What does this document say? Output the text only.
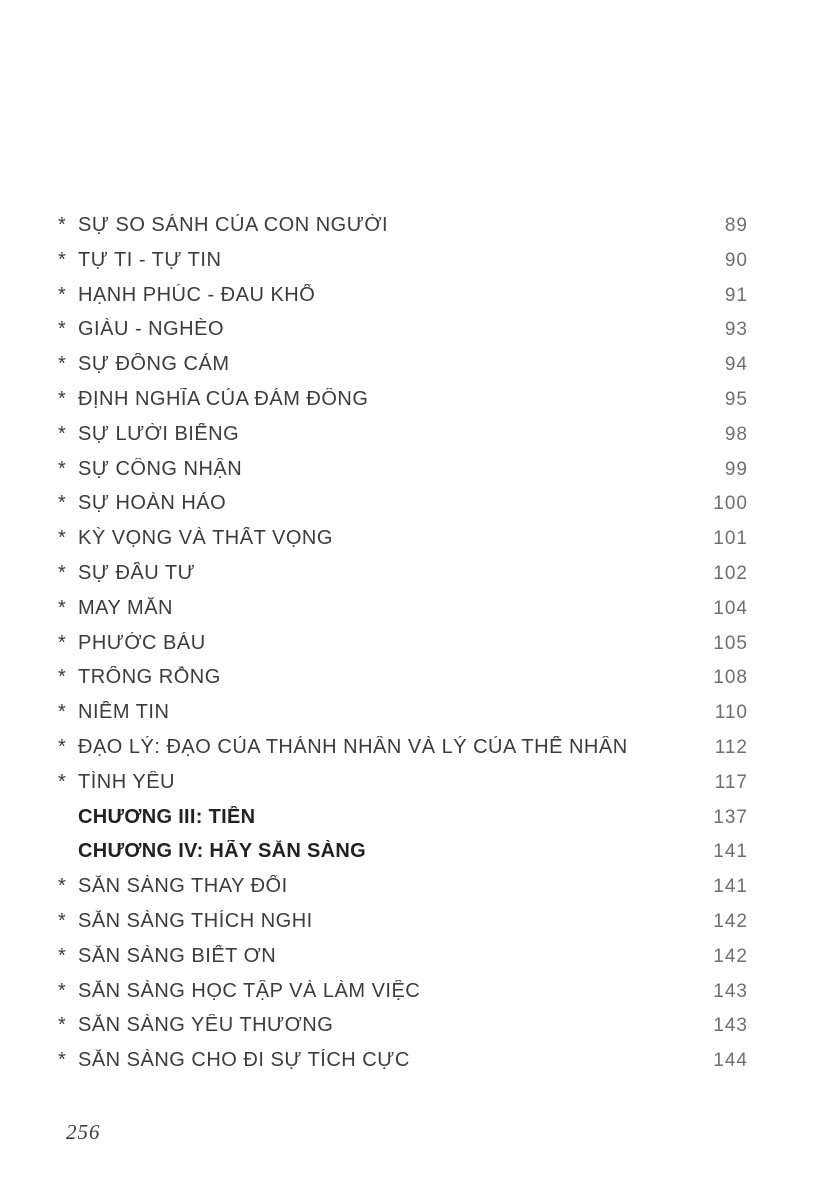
* SỰ SO SÁNH CỦA CON NGƯỜI	89
* TỰ TI - TỰ TIN	90
* HẠNH PHÚC - ĐAU KHỔ	91
* GIÀU - NGHÈO	93
* SỰ ĐỒNG CẢM	94
* ĐỊNH NGHĨA CỦA ĐÁM ĐÔNG	95
* SỰ LƯỜI BIẾNG	98
* SỰ CÔNG NHẬN	99
* SỰ HOÀN HẢO	100
* KỲ VỌNG VÀ THẤT VỌNG	101
* SỰ ĐẦU TƯ	102
* MAY MẮN	104
* PHƯỚC BÁU	105
* TRỐNG RỖNG	108
* NIỀM TIN	110
* ĐẠO LÝ: ĐẠO CỦA THÁNH NHÂN VÀ LÝ CỦA THẾ NHÂN	112
* TÌNH YÊU	117
CHƯƠNG III: TIỀN	137
CHƯƠNG IV: HÃY SẴN SÀNG	141
* SẴN SÀNG THAY ĐỔI	141
* SẴN SÀNG THÍCH NGHI	142
* SẴN SÀNG BIẾT ƠN	142
* SẴN SÀNG HỌC TẬP VÀ LÀM VIỆC	143
* SẴN SÀNG YÊU THƯƠNG	143
* SẴN SÀNG CHO ĐI SỰ TÍCH CỰC	144
256
